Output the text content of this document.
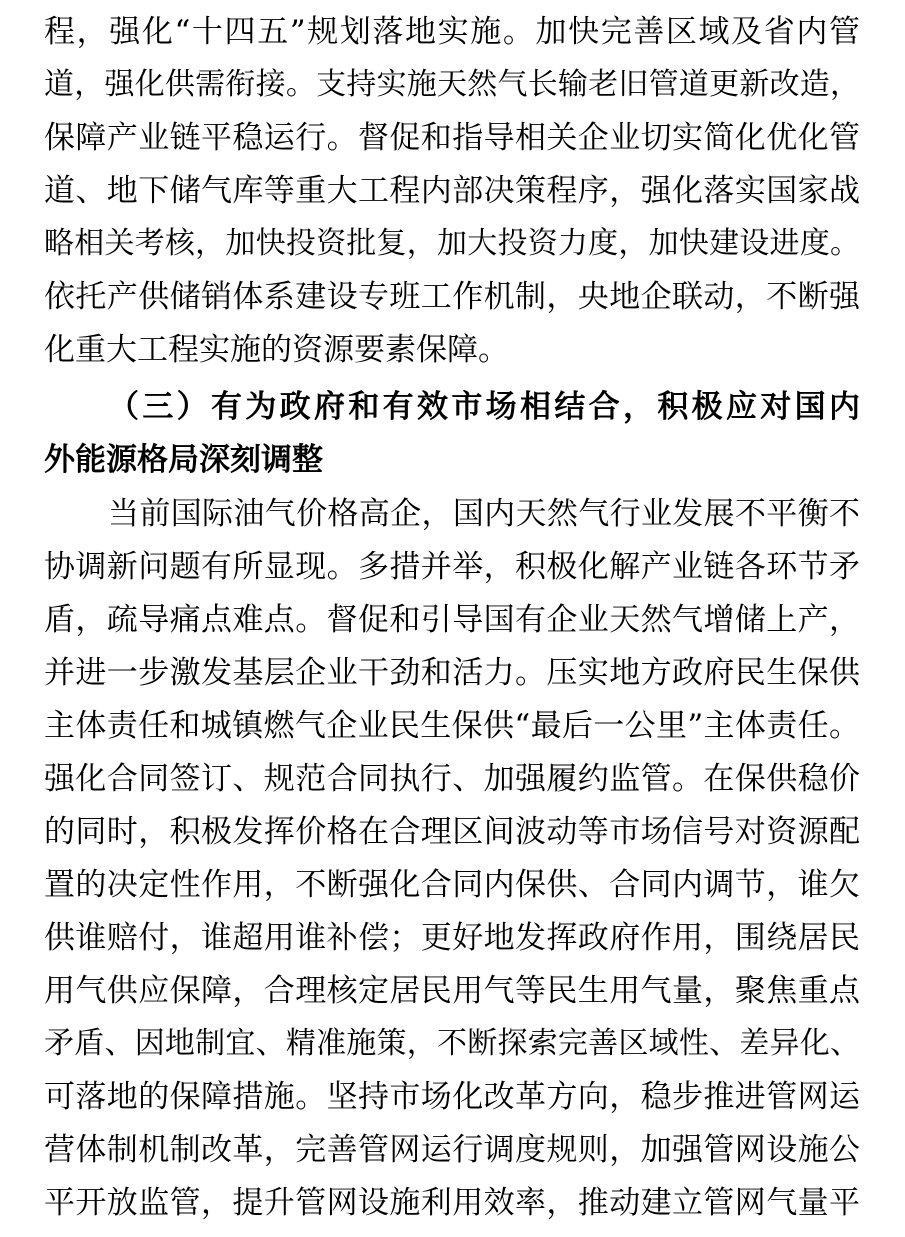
程，强化“十四五”规划落地实施。加快完善区域及省内管
道，强化供需衔接。支持实施天然气长输老旧管道更新改造，
保障产业链平稳运行。督促和指导相关企业切实简化优化管
道、地下储气库等重大工程内部决策程序，强化落实国家战
略相关考核，加快投资批复，加大投资力度，加快建设进度。
依托产供储销体系建设专班工作机制，央地企联动，不断强
化重大工程实施的资源要素保障。
（三）有为政府和有效市场相结合，积极应对国内
外能源格局深刻调整
当前国际油气价格高企，国内天然气行业发展不平衡不
协调新问题有所显现。多措并举，积极化解产业链各环节矛
盾，疏导痛点难点。督促和引导国有企业天然气增储上产，
并进一步激发基层企业干劲和活力。压实地方政府民生保供
主体责任和城镇燃气企业民生保供“最后一公里”主体责任。
强化合同签订、规范合同执行、加强履约监管。在保供稳价
的同时，积极发挥价格在合理区间波动等市场信号对资源配
置的决定性作用，不断强化合同内保供、合同内调节，谁欠
供谁赔付，谁超用谁补偿；更好地发挥政府作用，围绕居民
用气供应保障，合理核定居民用气等民生用气量，聚焦重点
矛盾、因地制宜、精准施策，不断探索完善区域性、差异化、
可落地的保障措施。坚持市场化改革方向，稳步推进管网运
营体制机制改革，完善管网运行调度规则，加强管网设施公
平开放监管，提升管网设施利用效率，推动建立管网气量平
